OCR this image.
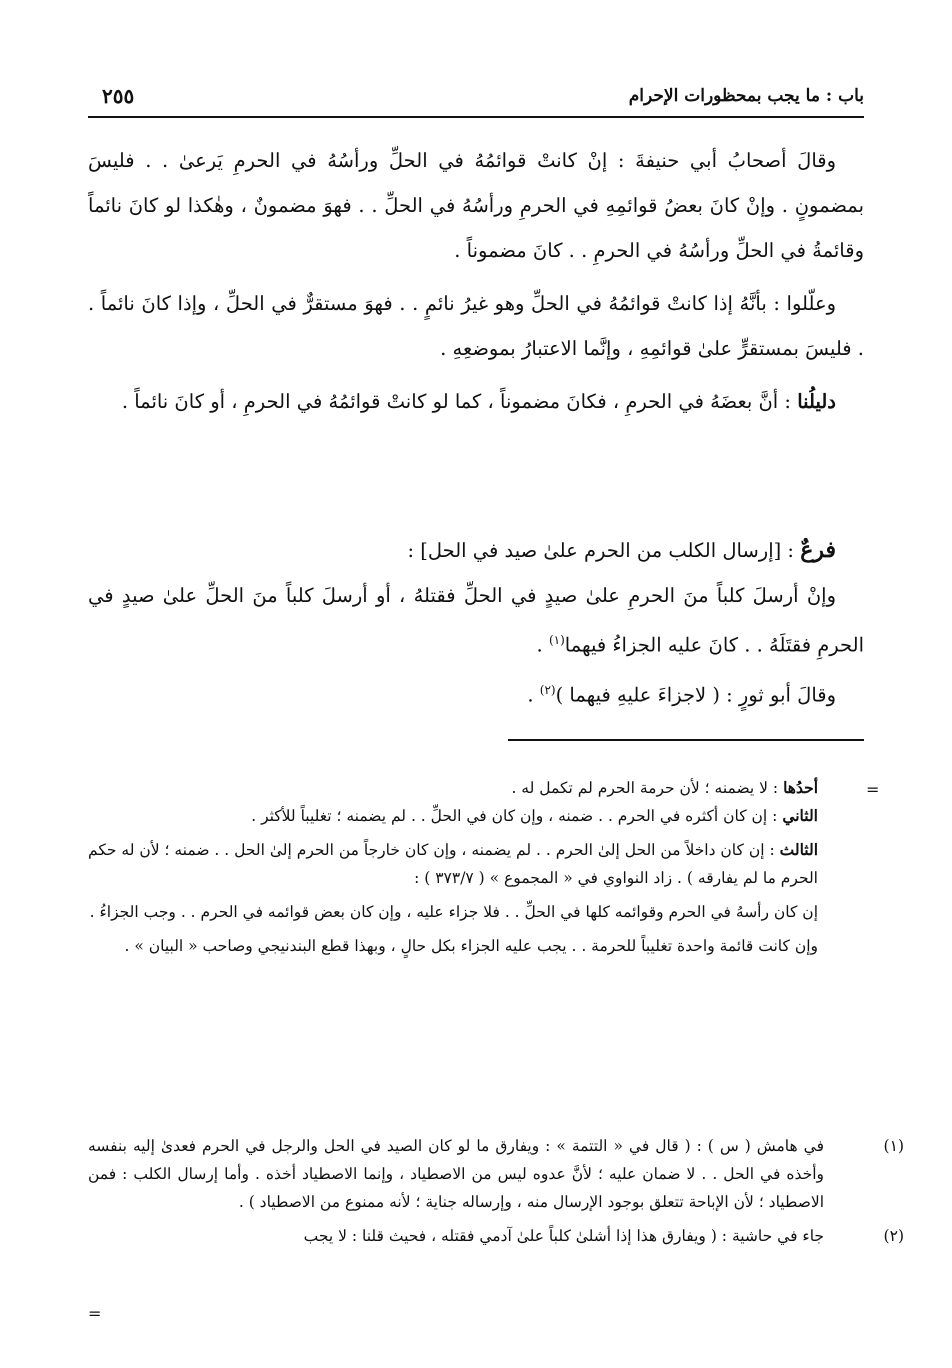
باب : ما يجب بمحظورات الإحرام
٢٥٥

وقالَ أصحابُ أبي حنيفةَ : إنْ كانتْ قوائمُهُ في الحلِّ ورأسُهُ في الحرمِ يَرعىٰ . . فليسَ بمضمونٍ . وإنْ كانَ بعضُ قوائمِهِ في الحرمِ ورأسُهُ في الحلِّ . . فهوَ مضمونٌ ، وهٰكذا لو كانَ نائماً وقائمةُ في الحلِّ ورأسُهُ في الحرمِ . . كانَ مضموناً .

وعلّلوا : بأنَّهُ إذا كانتْ قوائمُهُ في الحلِّ وهو غيرُ نائمٍ . . فهوَ مستقرٌّ في الحلِّ ، وإذا كانَ نائماً . . فليسَ بمستقرٍّ علىٰ قوائمِهِ ، وإنَّما الاعتبارُ بموضعِهِ .

دليلُنا : أنَّ بعضَهُ في الحرمِ ، فكانَ مضموناً ، كما لو كانتْ قوائمُهُ في الحرمِ ، أو كانَ نائماً .

فرعٌ : [إرسال الكلب من الحرم علىٰ صيد في الحل] :

وإنْ أرسلَ كلباً منَ الحرمِ علىٰ صيدٍ في الحلِّ فقتلهُ ، أو أرسلَ كلباً منَ الحلِّ علىٰ صيدٍ في الحرمِ فقتَلَهُ . . كانَ عليه الجزاءُ فيهما$^{(١)}$ .

وقالَ أبو ثورٍ : ( لاجزاءَ عليهِ فيهما )$^{(٢)}$ .

=

أحدُها : لا يضمنه ؛ لأن حرمة الحرم لم تكمل له .

الثاني : إن كان أكثره في الحرم . . ضمنه ، وإن كان في الحلِّ . . لم يضمنه ؛ تغليباً للأكثر .

الثالث : إن كان داخلاً من الحل إلىٰ الحرم . . لم يضمنه ، وإن كان خارجاً من الحرم إلىٰ الحل . . ضمنه ؛ لأن له حكم الحرم ما لم يفارقه ) . زاد النواوي في « المجموع » ( ٣٧٣/٧ ) :

إن كان رأسهُ في الحرم وقوائمه كلها في الحلِّ . . فلا جزاء عليه ، وإن كان بعض قوائمه في الحرم . . وجب الجزاءُ .

وإن كانت قائمة واحدة تغليباً للحرمة . . يجب عليه الجزاء بكل حالٍ ، وبهذا قطع البندنيجي وصاحب « البيان » .

(١)في هامش ( س ) : ( قال في « التتمة » : ويفارق ما لو كان الصيد في الحل والرجل في الحرم فعدىٰ إليه بنفسه وأخذه في الحل . . لا ضمان عليه ؛ لأنَّ عدوه ليس من الاصطياد ، وإنما الاصطياد أخذه . وأما إرسال الكلب : فمن الاصطياد ؛ لأن الإباحة تتعلق بوجود الإرسال منه ، وإرساله جناية ؛ لأنه ممنوع من الاصطياد ) .

(٢)جاء في حاشية : ( ويفارق هذا إذا أشلىٰ كلباً علىٰ آدمي فقتله ، فحيث قلنا : لا يجب

=
